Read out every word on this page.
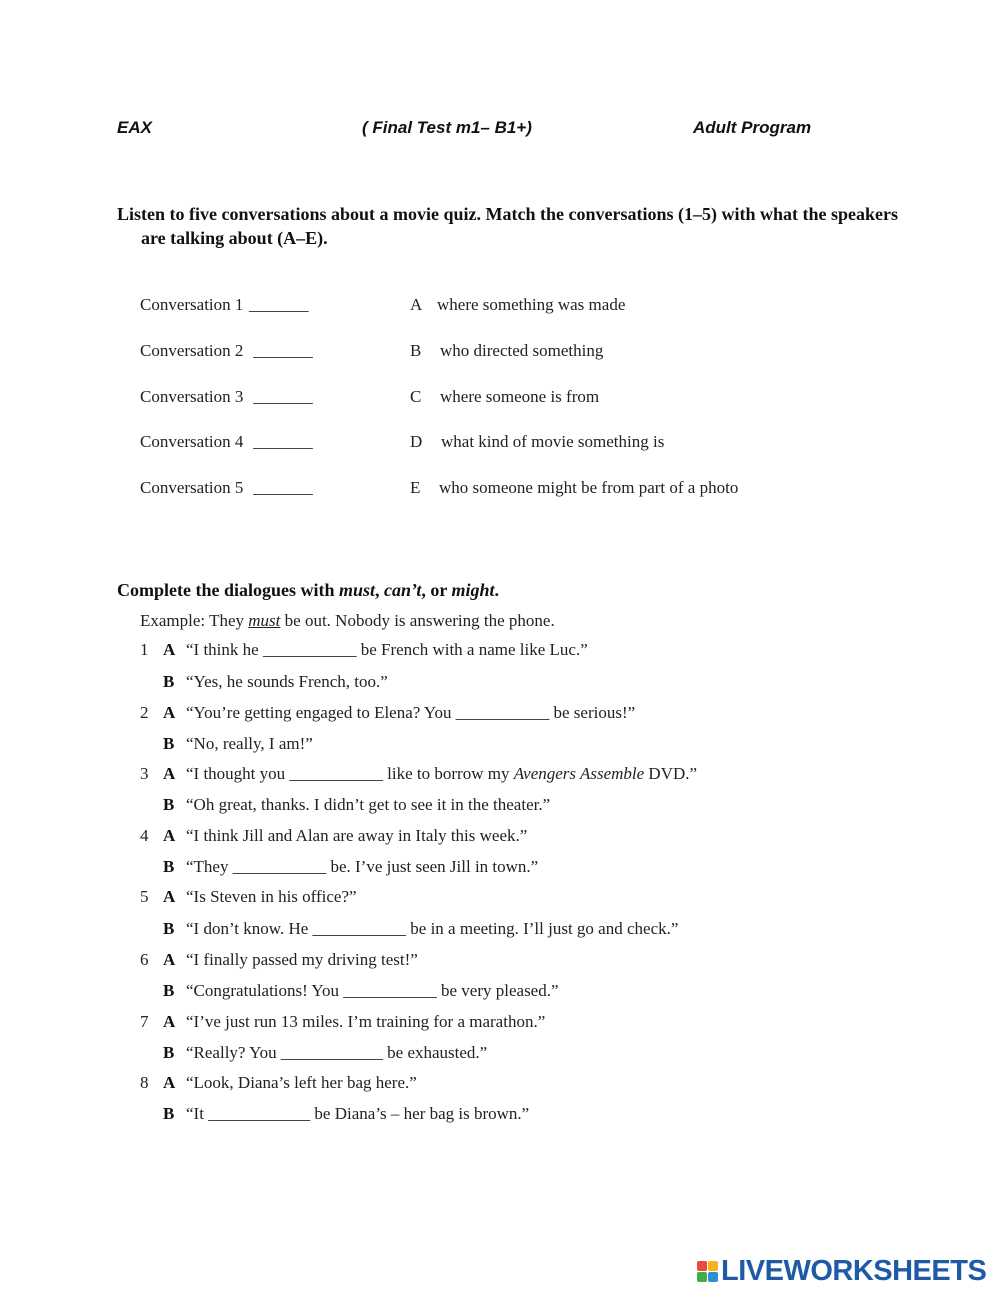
EAX	( Final Test m1– B1+)	Adult Program
Listen to five conversations about a movie quiz. Match the conversations (1–5) with what the speakers are talking about (A–E).
Conversation 1 _______
Conversation 2 _______
Conversation 3 _______
Conversation 4 _______
Conversation 5 _______
A where something was made
B who directed something
C where someone is from
D what kind of movie something is
E who someone might be from part of a photo
Complete the dialogues with must, can’t, or might.
Example: They must be out. Nobody is answering the phone.
1 A “I think he ___________ be French with a name like Luc.”
B “Yes, he sounds French, too.”
2 A “You’re getting engaged to Elena? You ___________ be serious!”
B “No, really, I am!”
3 A “I thought you ___________ like to borrow my Avengers Assemble DVD.”
B “Oh great, thanks. I didn’t get to see it in the theater.”
4 A “I think Jill and Alan are away in Italy this week.”
B “They ___________ be. I’ve just seen Jill in town.”
5 A “Is Steven in his office?”
B “I don’t know. He ___________ be in a meeting. I’ll just go and check.”
6 A “I finally passed my driving test!”
B “Congratulations! You ___________ be very pleased.”
7 A “I’ve just run 13 miles. I’m training for a marathon.”
B “Really? You ____________ be exhausted.”
8 A “Look, Diana’s left her bag here.”
B “It ____________ be Diana’s – her bag is brown.”
LIVEWORKSHEETS
